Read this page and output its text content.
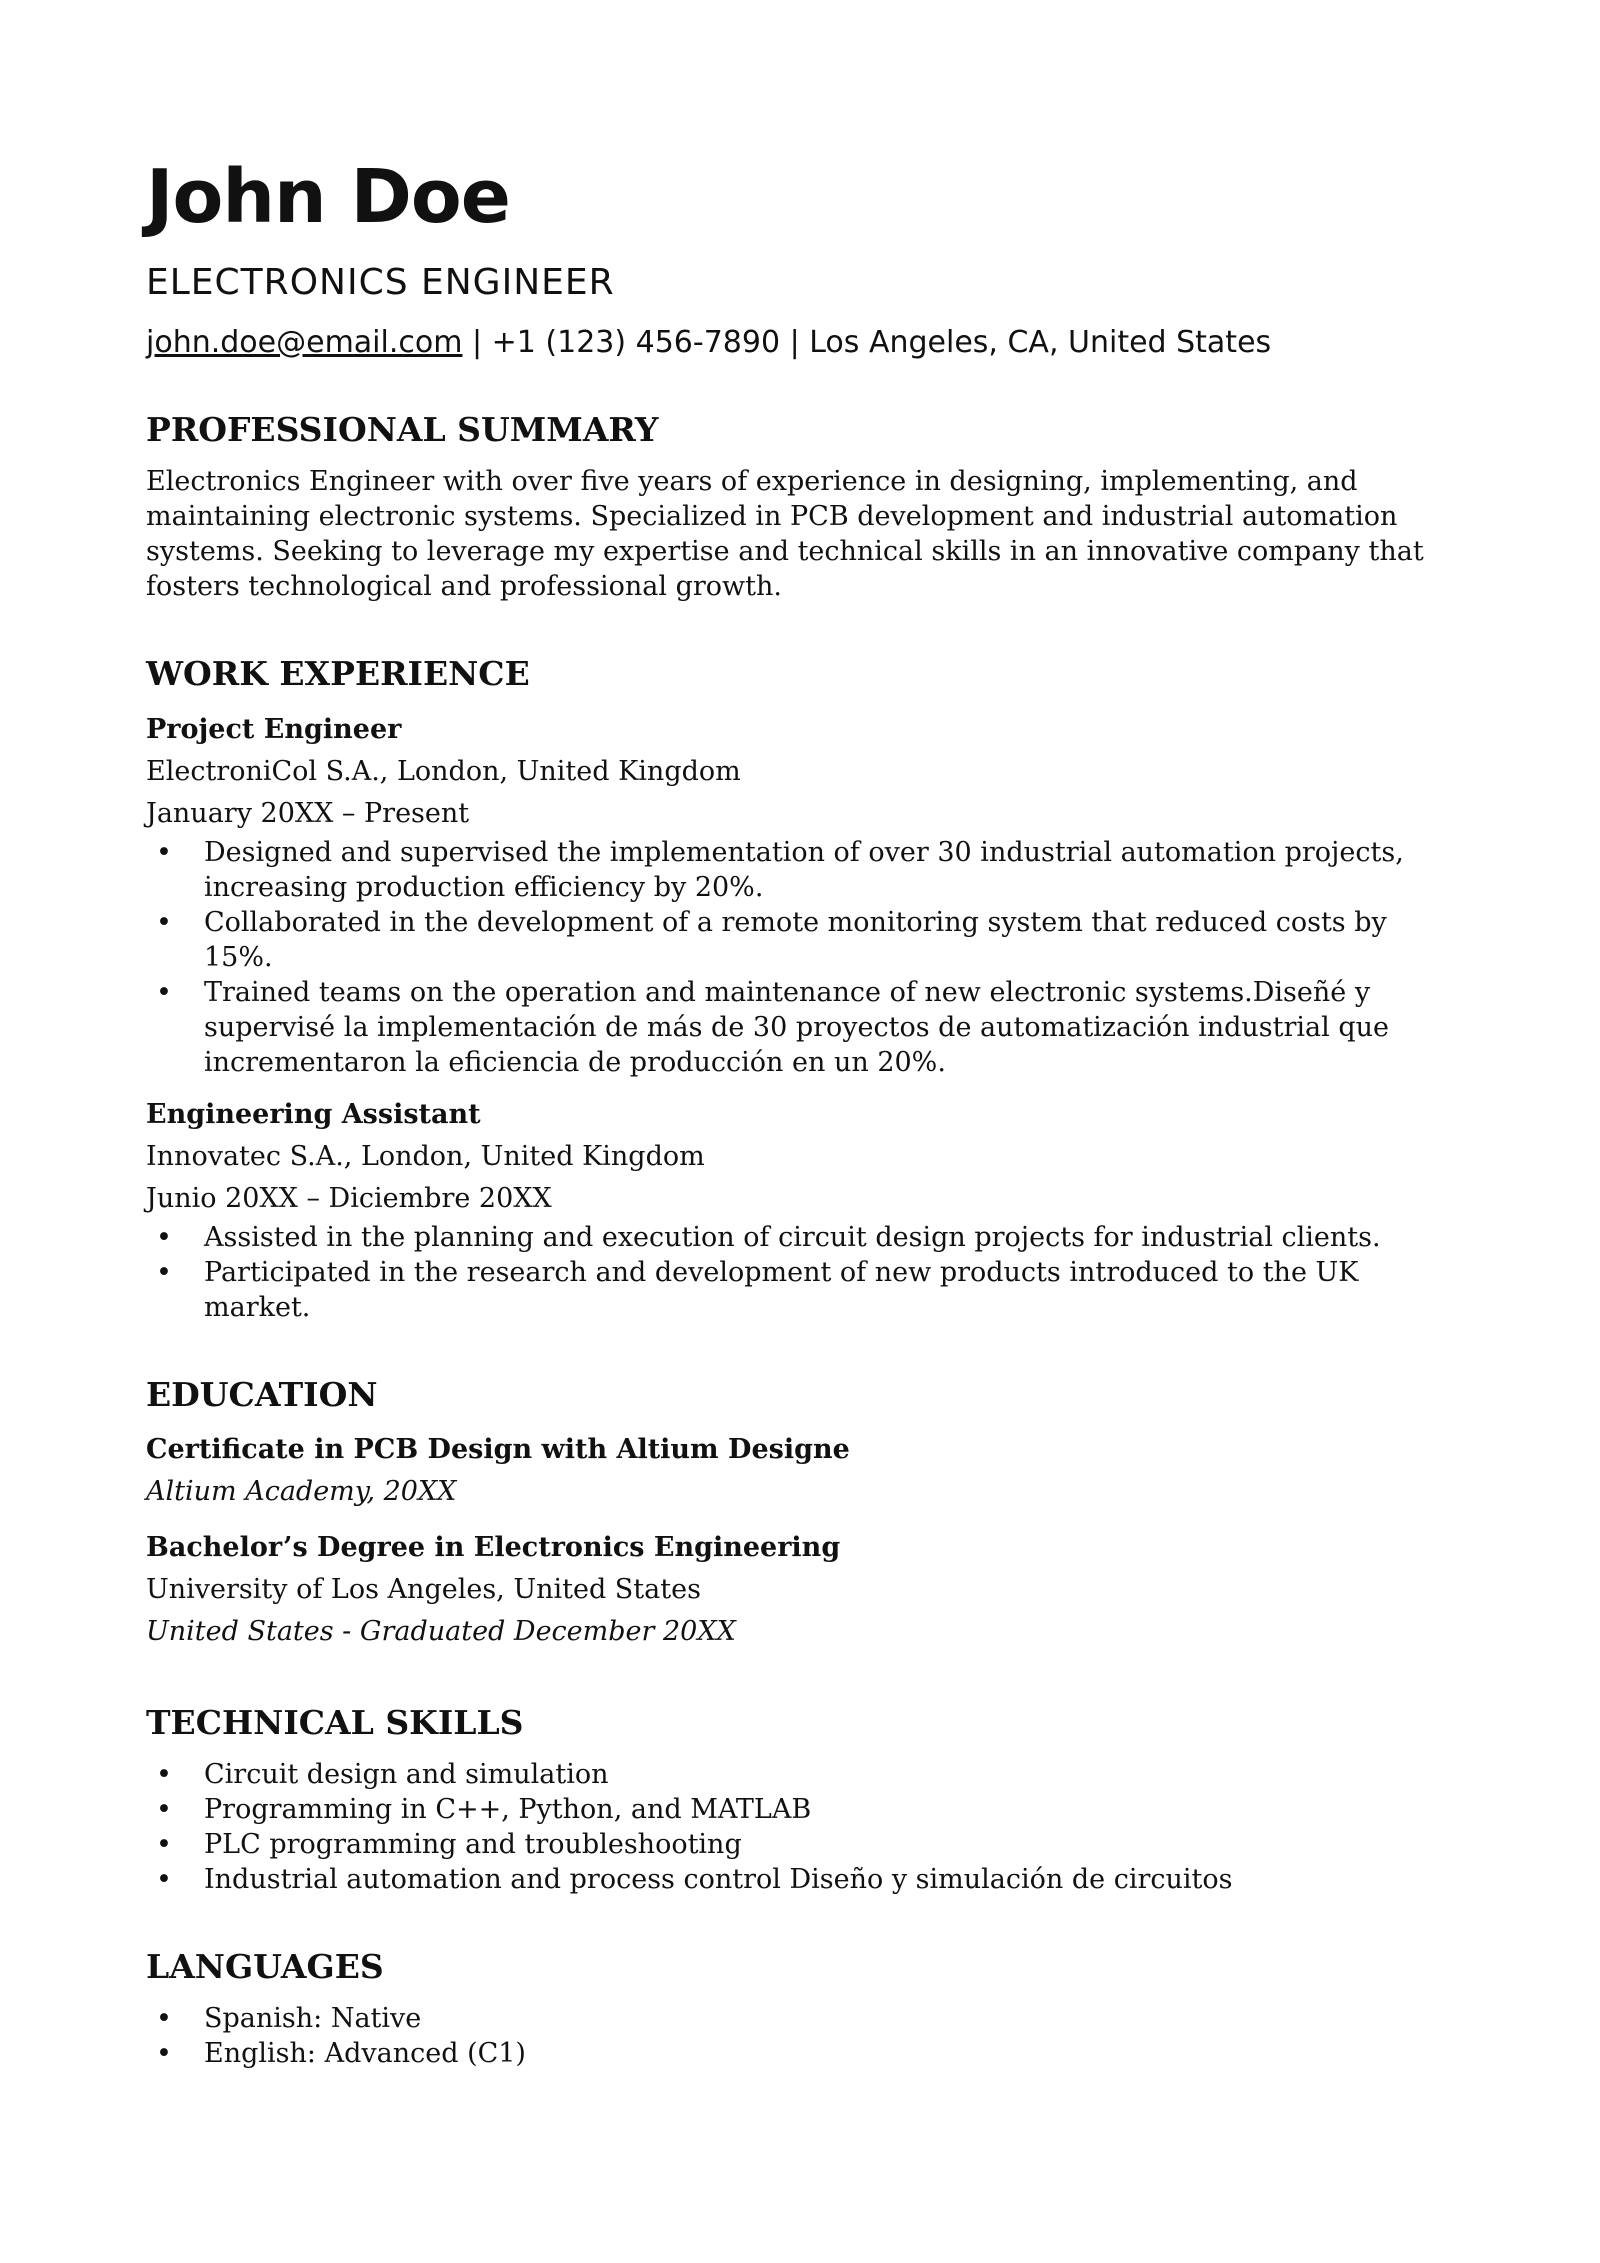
John Doe
ELECTRONICS ENGINEER
john.doe@email.com | +1 (123) 456-7890 | Los Angeles, CA, United States
PROFESSIONAL SUMMARY

Electronics Engineer with over five years of experience in designing, implementing, and maintaining electronic systems. Specialized in PCB development and industrial automation systems. Seeking to leverage my expertise and technical skills in an innovative company that fosters technological and professional growth.

WORK EXPERIENCE
Project Engineer
ElectroniCol S.A., London, United Kingdom
January 20XX – Present
• Designed and supervised the implementation of over 30 industrial automation projects, increasing production efficiency by 20%.
• Collaborated in the development of a remote monitoring system that reduced costs by 15%.
• Trained teams on the operation and maintenance of new electronic systems.Diseñé y supervisé la implementación de más de 30 proyectos de automatización industrial que incrementaron la eficiencia de producción en un 20%.
Engineering Assistant
Innovatec S.A., London, United Kingdom
Junio 20XX – Diciembre 20XX
• Assisted in the planning and execution of circuit design projects for industrial clients.
• Participated in the research and development of new products introduced to the UK market.
EDUCATION
Certificate in PCB Design with Altium Designe
Altium Academy, 20XX
Bachelor’s Degree in Electronics Engineering
University of Los Angeles, United States
United States - Graduated December 20XX
TECHNICAL SKILLS
• Circuit design and simulation
• Programming in C++, Python, and MATLAB
• PLC programming and troubleshooting
• Industrial automation and process control Diseño y simulación de circuitos
LANGUAGES
• Spanish: Native
• English: Advanced (C1)
